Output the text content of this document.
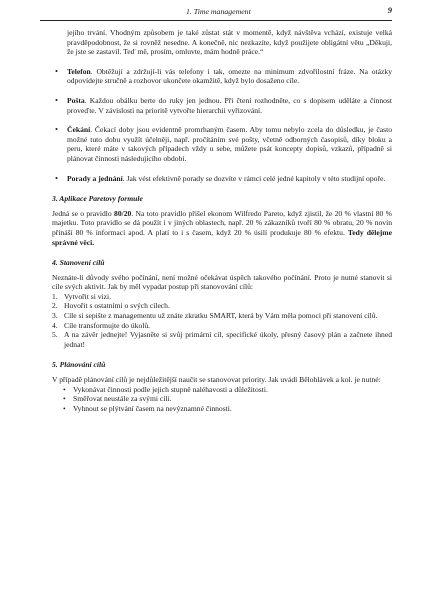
1. Time management	9

jejího trvání. Vhodným způsobem je také zůstat stát v momentě, když návštěva vchází, existuje velká pravděpodobnost, že si rovněž nesedne. A konečně, nic nezkazíte, když použijete obligátní větu „Děkuji, že jste se zastavil. Teď mě, prosím, omluvte, mám hodně práce.“

• Telefon. Obtěžují a zdržují-li vás telefony i tak, omezte na minimum zdvořilostní fráze. Na otázky odpovídejte stručně a rozhovor ukončete okamžitě, když bylo dosaženo cíle.
• Pošta. Každou obálku berte do ruky jen jednou. Při čtení rozhodněte, co s dopisem uděláte a činnost proveďte. V závislosti na prioritě vytvořte hierarchii vyřizování.
• Čekání. Čekací doby jsou evidentně promrhaným časem. Aby tomu nebylo zcela do důsledku, je často možné tuto dobu využít účelněji, např. pročítáním své pošty, včetně odborných časopisů, díky bloku a peru, které máte v takových případech vždy u sebe, můžete psát koncepty dopisů, vzkazů, případně si plánovat činnosti následujícího období.
• Porady a jednání. Jak vést efektivně porady se dozvíte v rámci celé jedné kapitoly v této studijní opoře.
3. Aplikace Paretovy formule

Jedná se o pravidlo 80/20. Na toto pravidlo přišel ekonom Wilfredo Pareto, když zjistil, že 20 % vlastní 80 % majetku. Toto pravidlo se dá použít i v jiných oblastech, např. 20 % zákazníků tvoří 80 % obratu, 20 % novin přináší 80 % informací apod. A platí to i s časem, když 20 % úsilí produkuje 80 % efektu. Tedy dělejme správné věci.

4. Stanovení cílů

Neznáte-li důvody svého počínání, není možné očekávat úspěch takového počínání. Proto je nutné stanovit si cíle svých aktivit. Jak by měl vypadat postup při stanovování cílů:

1. Vytvořit si vizi.
2. Hovořit s ostatními o svých cílech.
3. Cíle si sepište z managementu už znáte zkratku SMART, která by Vám měla pomoci při stanovení cílů.
4. Cíle transformujte do úkolů.
5. A na závěr jednejte! Vyjasněte si svůj primární cíl, specifické úkoly, přesný časový plán a začnete ihned jednat!
5. Plánování cílů

V případě plánování cílů je nejdůležitější naučit se stanovovat priority. Jak uvádí Bělohlávek a kol. je nutné:

• Vykonávat činnosti podle jejich stupně naléhavosti a důležitosti.
• Směřovat neustále za svými cíli.
• Vyhnout se plýtvání časem na nevýznamné činnosti.
